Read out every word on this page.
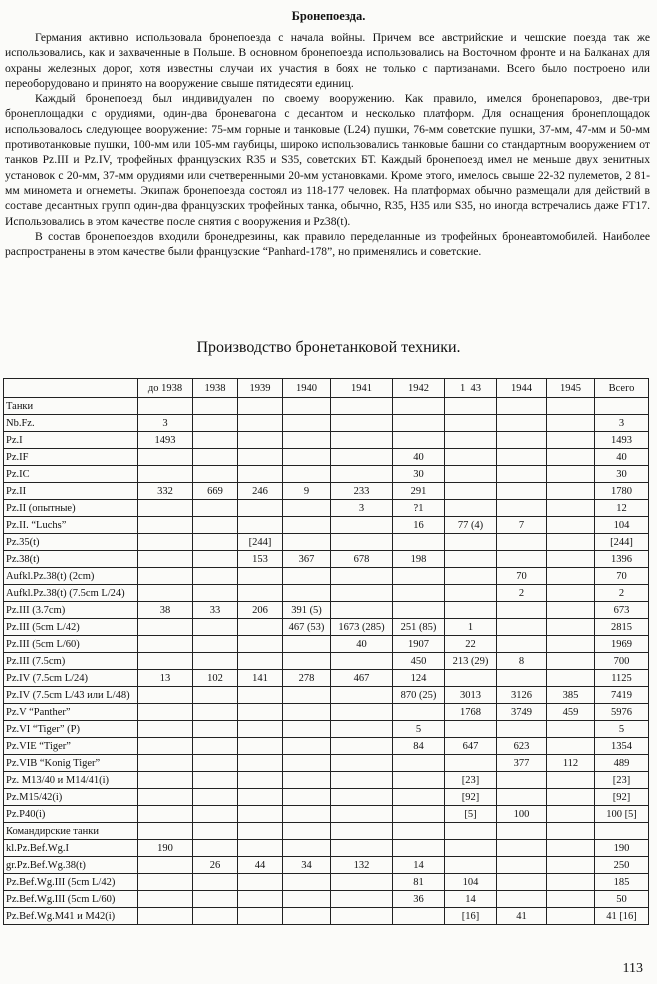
Бронепоезда.

Германия активно использовала бронепоезда с начала войны. Причем все австрийские и чешские поезда так же использовались, как и захваченные в Польше. В основном бронепоезда использовались на Восточном фронте и на Балканах для охраны железных дорог, хотя известны случаи их участия в боях не только с партизанами. Всего было построено или переоборудовано и принято на вооружение свыше пятидесяти единиц.

Каждый бронепоезд был индивидуален по своему вооружению. Как правило, имелся бронепаровоз, две-три бронеплощадки с орудиями, один-два броневагона с десантом и несколько платформ. Для оснащения бронеплощадок использовалось следующее вооружение: 75-мм горные и танковые (L24) пушки, 76-мм советские пушки, 37-мм, 47-мм и 50-мм противотанковые пушки, 100-мм или 105-мм гаубицы, широко использовались танковые башни со стандартным вооружением от танков Pz.III и Pz.IV, трофейных французских R35 и S35, советских БТ. Каждый бронепоезд имел не меньше двух зенитных установок с 20-мм, 37-мм орудиями или счетверенными 20-мм установками. Кроме этого, имелось свыше 22-32 пулеметов, 2 81-мм миномета и огнеметы. Экипаж бронепоезда состоял из 118-177 человек. На платформах обычно размещали для действий в составе десантных групп один-два французских трофейных танка, обычно, R35, H35 или S35, но иногда встречались даже FT17. Использовались в этом качестве после снятия с вооружения и Pz38(t).

В состав бронепоездов входили бронедрезины, как правило переделанные из трофейных бронеавтомобилей. Наиболее распространены в этом качестве были французские “Panhard-178”, но применялись и советские.

Производство бронетанковой техники.
	до 1938	1938	1939	1940	1941	1942	1  43	1944	1945	Всего
Танки										
Nb.Fz.	3									3
Pz.I	1493									1493
Pz.IF						40				40
Pz.IC						30				30
Pz.II	332	669	246	9	233	291				1780
Pz.II (опытные)					3	?1				12
Pz.II. “Luchs”						16	77 (4)	7		104
Pz.35(t)			[244]							[244]
Pz.38(t)			153	367	678	198				1396
Aufkl.Pz.38(t) (2cm)								70		70
Aufkl.Pz.38(t) (7.5cm L/24)								2		2
Pz.III (3.7cm)	38	33	206	391 (5)						673
Pz.III (5cm L/42)				467 (53)	1673 (285)	251 (85)	1			2815
Pz.III (5cm L/60)					40	1907	22			1969
Pz.III (7.5cm)						450	213 (29)	8		700
Pz.IV (7.5cm L/24)	13	102	141	278	467	124				1125
Pz.IV (7.5cm L/43 или L/48)						870 (25)	3013	3126	385	7419
Pz.V “Panther”							1768	3749	459	5976
Pz.VI “Tiger” (P)						5				5
Pz.VIE “Tiger”						84	647	623		1354
Pz.VIB “Konig Tiger”								377	112	489
Pz. M13/40 и M14/41(i)							[23]			[23]
Pz.M15/42(i)							[92]			[92]
Pz.P40(i)							[5]	100		100 [5]
Командирские танки										
kl.Pz.Bef.Wg.I	190									190
gr.Pz.Bef.Wg.38(t)		26	44	34	132	14				250
Pz.Bef.Wg.III (5cm L/42)						81	104			185
Pz.Bef.Wg.III (5cm L/60)						36	14			50
Pz.Bef.Wg.M41 и M42(i)							[16]	41		41 [16]
113
